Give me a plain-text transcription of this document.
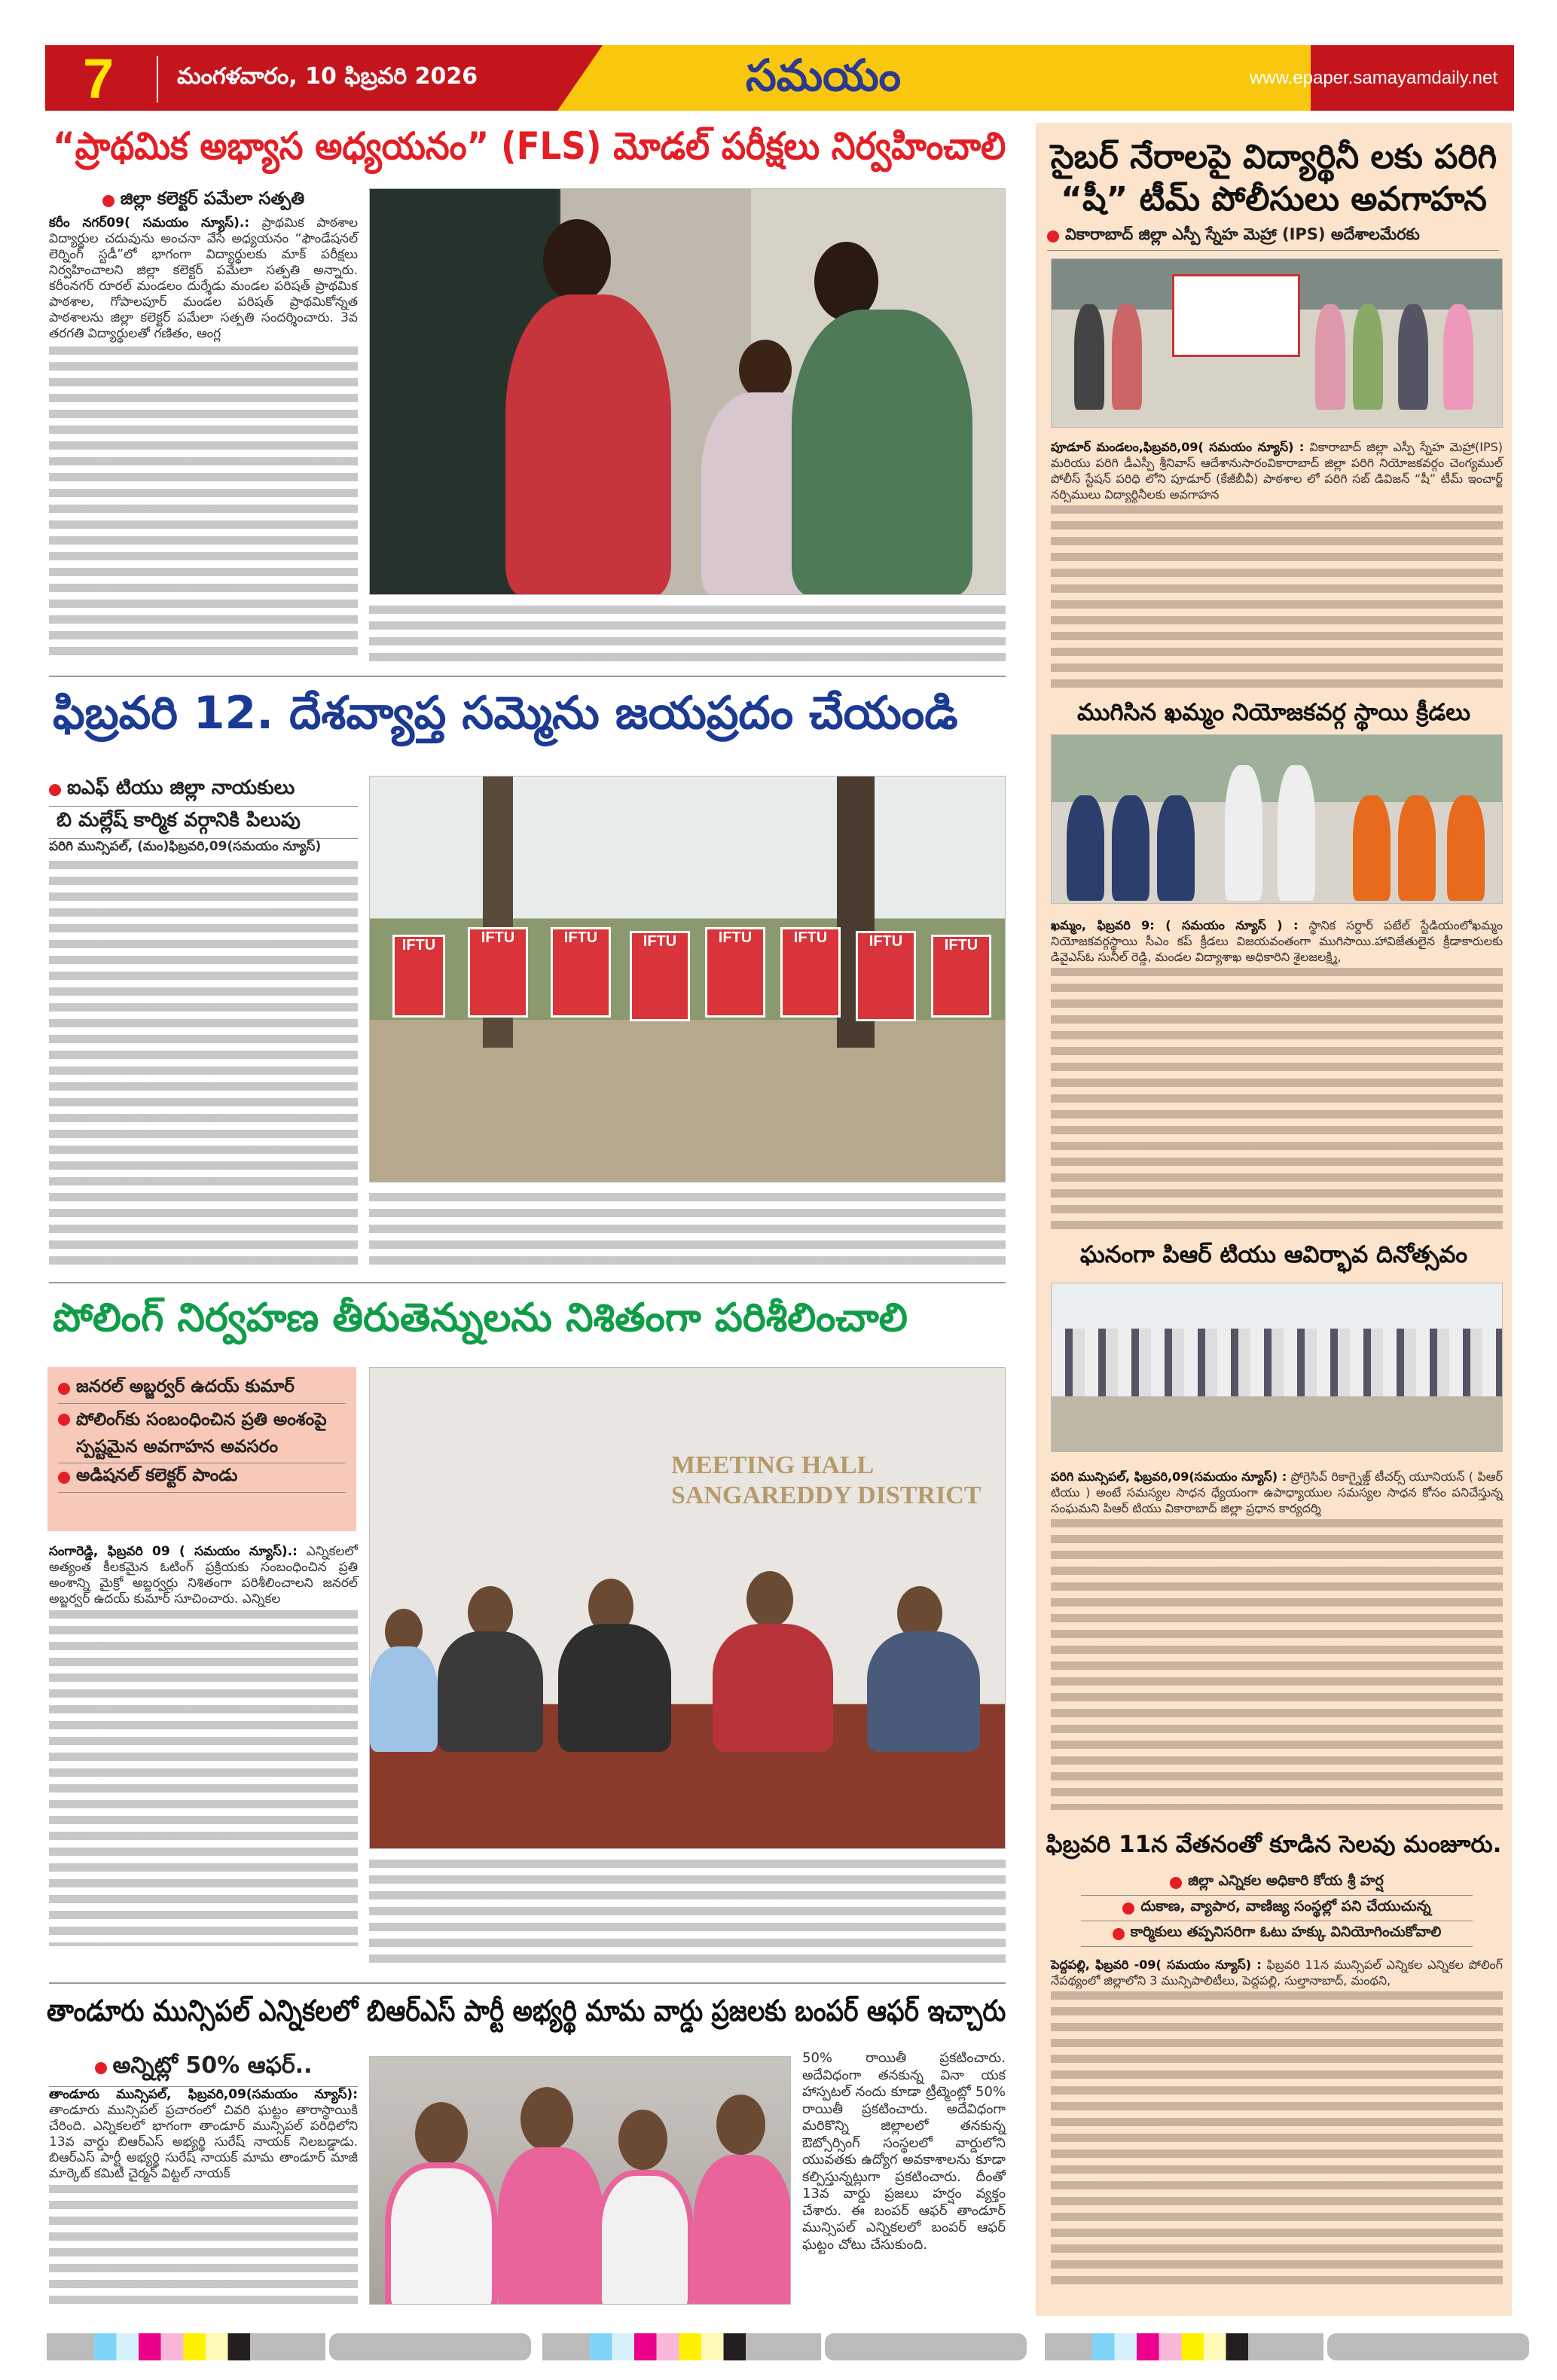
7	మంగళవారం, 10 ఫిబ్రవరి 2026	సమయం	www.epaper.samayamdaily.net
“ప్రాథమిక అభ్యాస అధ్యయనం” (FLS) మోడల్ పరీక్షలు నిర్వహించాలి
జిల్లా కలెక్టర్ పమేలా సత్పతి
కరీం నగర్09( సమయం న్యూస్).: ప్రాథమిక పాఠశాల విద్యార్థుల చదువును అంచనా వేసే అధ్యయనం “ఫౌండేషనల్ లెర్నింగ్ స్టడీ”లో భాగంగా విద్యార్థులకు మాక్ పరీక్షలు నిర్వహించాలని జిల్లా కలెక్టర్ పమేలా సత్పతి అన్నారు. కరీంనగర్ రూరల్ మండలం దుర్శేడు మండల పరిషత్ ప్రాథమిక పాఠశాల, గోపాలపూర్ మండల పరిషత్ ప్రాథమికోన్నత పాఠశాలను జిల్లా కలెక్టర్ పమేలా సత్పతి సందర్శించారు. 3వ తరగతి విద్యార్థులతో గణితం, ఆంగ్ల
ఫిబ్రవరి 12. దేశవ్యాప్త సమ్మెను జయప్రదం చేయండి
ఐఎఫ్ టియు జిల్లా నాయకులు
బి మల్లేష్ కార్మిక వర్గానికి పిలుపు
పరిగి మున్సిపల్, (మం)ఫిబ్రవరి,09(సమయం న్యూస్)
IFTU	IFTU	IFTU	IFTU	IFTU	IFTU	IFTU	IFTU
పోలింగ్ నిర్వహణ తీరుతెన్నులను నిశితంగా పరిశీలించాలి
జనరల్ అబ్జర్వర్ ఉదయ్ కుమార్
పోలింగ్‌కు సంబంధించిన ప్రతి అంశంపై స్పష్టమైన అవగాహన అవసరం
అడిషనల్ కలెక్టర్ పాండు
సంగారెడ్డి, ఫిబ్రవరి 09 ( సమయం న్యూస్).: ఎన్నికలలో అత్యంత కీలకమైన ఓటింగ్ ప్రక్రియకు సంబంధించిన ప్రతి అంశాన్ని మైక్రో అబ్జర్వర్లు నిశితంగా పరిశీలించాలని జనరల్ అబ్జర్వర్ ఉదయ్ కుమార్ సూచించారు. ఎన్నికల
MEETING HALL SANGAREDDY DISTRICT
తాండూరు మున్సిపల్ ఎన్నికలలో బిఆర్ఎస్ పార్టీ అభ్యర్థి మామ వార్డు ప్రజలకు బంపర్ ఆఫర్ ఇచ్చారు
అన్నిట్లో 50% ఆఫర్..
తాండూరు మున్సిపల్, ఫిబ్రవరి,09(సమయం న్యూస్): తాండూరు మున్సిపల్ ప్రచారంలో చివరి ఘట్టం తారాస్థాయికి చేరింది. ఎన్నికలలో భాగంగా తాండూర్ మున్సిపల్ పరిధిలోని 13వ వార్డు బిఆర్ఎస్ అభ్యర్థి సురేష్ నాయక్ నిలబడ్డాడు. బిఆర్ఎస్ పార్టీ అభ్యర్థి సురేష్ నాయక్ మామ తాండూర్ మాజీ మార్కెట్ కమిటీ చైర్మన్ విట్టల్ నాయక్
50% రాయితీ ప్రకటించారు. అదేవిధంగా తనకున్న వినా యక హాస్పటల్ నందు కూడా ట్రీట్మెంట్లో 50% రాయితీ ప్రకటించారు. అదేవిధంగా మరికొన్ని జిల్లాలలో తనకున్న ఔట్సోర్సింగ్ సంస్థలలో వార్డులోని యువతకు ఉద్యోగ అవకాశాలను కూడా కల్పిస్తున్నట్లుగా ప్రకటించారు. దీంతో 13వ వార్డు ప్రజలు హర్షం వ్యక్తం చేశారు. ఈ బంపర్ ఆఫర్ తాండూర్ మున్సిపల్ ఎన్నికలలో బంపర్ ఆఫర్ ఘట్టం చోటు చేసుకుంది.
సైబర్ నేరాలపై విద్యార్థినీ లకు పరిగి
“షీ” టీమ్ పోలీసులు అవగాహన
వికారాబాద్ జిల్లా ఎస్పీ స్నేహ మెహ్రా (IPS) అదేశాలమేరకు
పూడూర్ మండలం,ఫిబ్రవరి,09( సమయం న్యూస్) : వికారాబాద్ జిల్లా ఎస్పీ స్నేహ మెహ్రా(IPS) మరియు పరిగి డీఎస్పీ శ్రీనివాస్ ఆదేశానుసారంవికారాబాద్ జిల్లా పరిగి నియోజకవర్గం చెంగ్యముల్ పోలీస్ స్టేషన్ పరిధి లోని పూడూర్ (కేజీబీవీ) పాఠశాల లో పరిగి సబ్ డివిజన్ “షీ” టీమ్ ఇంచార్జ్ నర్సిములు విద్యార్థినీలకు అవగాహన
ముగిసిన ఖమ్మం నియోజకవర్గ స్థాయి క్రీడలు
ఖమ్మం, ఫిబ్రవరి 9: ( సమయం న్యూస్ ) : స్థానిక సర్దార్ పటేల్ స్టేడియంలోఖమ్మం నియోజకవర్గస్థాయి సీఎం కప్ క్రీడలు విజయవంతంగా ముగిసాయి.హావిజేతులైన క్రీడాకారులకు డివైఎస్ఓ సునీల్ రెడ్డి, మండల విద్యాశాఖ అధికారిని శైలజలక్ష్మి,
ఘనంగా పిఆర్ టియు ఆవిర్భావ దినోత్సవం
పరిగి మున్సిపల్, ఫిబ్రవరి,09(సమయం న్యూస్) : ప్రోగ్రెసివ్ రికాగ్నైజ్డ్ టీచర్స్ యూనియన్ ( పిఆర్ టియు ) అంటే సమస్యల సాధన ధ్యేయంగా ఉపాధ్యాయుల సమస్యల సాధన కోసం పనిచేస్తున్న సంఘమని పిఆర్ టియు వికారాబాద్ జిల్లా ప్రధాన కార్యదర్శి
ఫిబ్రవరి 11న వేతనంతో కూడిన సెలవు మంజూరు.
జిల్లా ఎన్నికల అధికారి కోయ శ్రీ హర్ష
దుకాణ, వ్యాపార, వాణిజ్య సంస్థల్లో పని చేయుచున్న
కార్మికులు తప్పనిసరిగా ఓటు హక్కు వినియోగించుకోవాలి
పెద్దపల్లి, ఫిబ్రవరి -09( సమయం న్యూస్) : ఫిబ్రవరి 11న మున్సిపల్ ఎన్నికల ఎన్నికల పోలింగ్ నేపథ్యంలో జిల్లాలోని 3 మున్సిపాలిటీలు, పెద్దపల్లి, సుల్తానాబాద్, మంథని,
